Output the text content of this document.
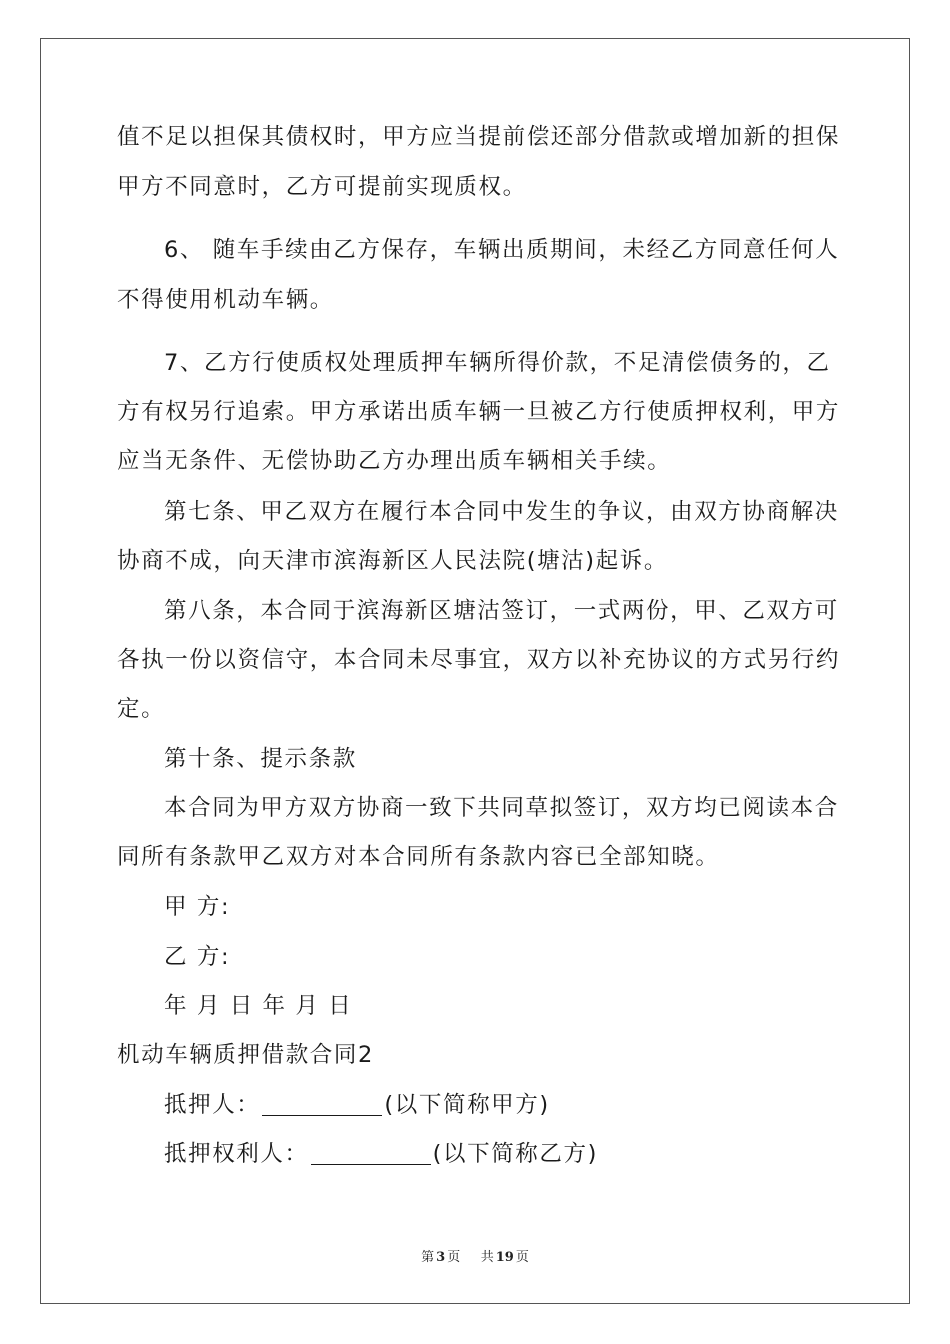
值不足以担保其债权时，甲方应当提前偿还部分借款或增加新的担保
甲方不同意时，乙方可提前实现质权。
6、 随车手续由乙方保存，车辆出质期间，未经乙方同意任何人
不得使用机动车辆。
7、乙方行使质权处理质押车辆所得价款，不足清偿债务的，乙
方有权另行追索。甲方承诺出质车辆一旦被乙方行使质押权利，甲方
应当无条件、无偿协助乙方办理出质车辆相关手续。
第七条、甲乙双方在履行本合同中发生的争议，由双方协商解决
协商不成，向天津市滨海新区人民法院(塘沽)起诉。
第八条，本合同于滨海新区塘沽签订，一式两份，甲、乙双方可
各执一份以资信守，本合同未尽事宜，双方以补充协议的方式另行约
定。
第十条、提示条款
本合同为甲方双方协商一致下共同草拟签订，双方均已阅读本合
同所有条款甲乙双方对本合同所有条款内容已全部知晓。
甲 方:
乙 方:
年 月 日 年 月 日
机动车辆质押借款合同2
抵押人：	(以下简称甲方)
抵押权利人：	(以下简称乙方)
第 3 页 共 19 页
